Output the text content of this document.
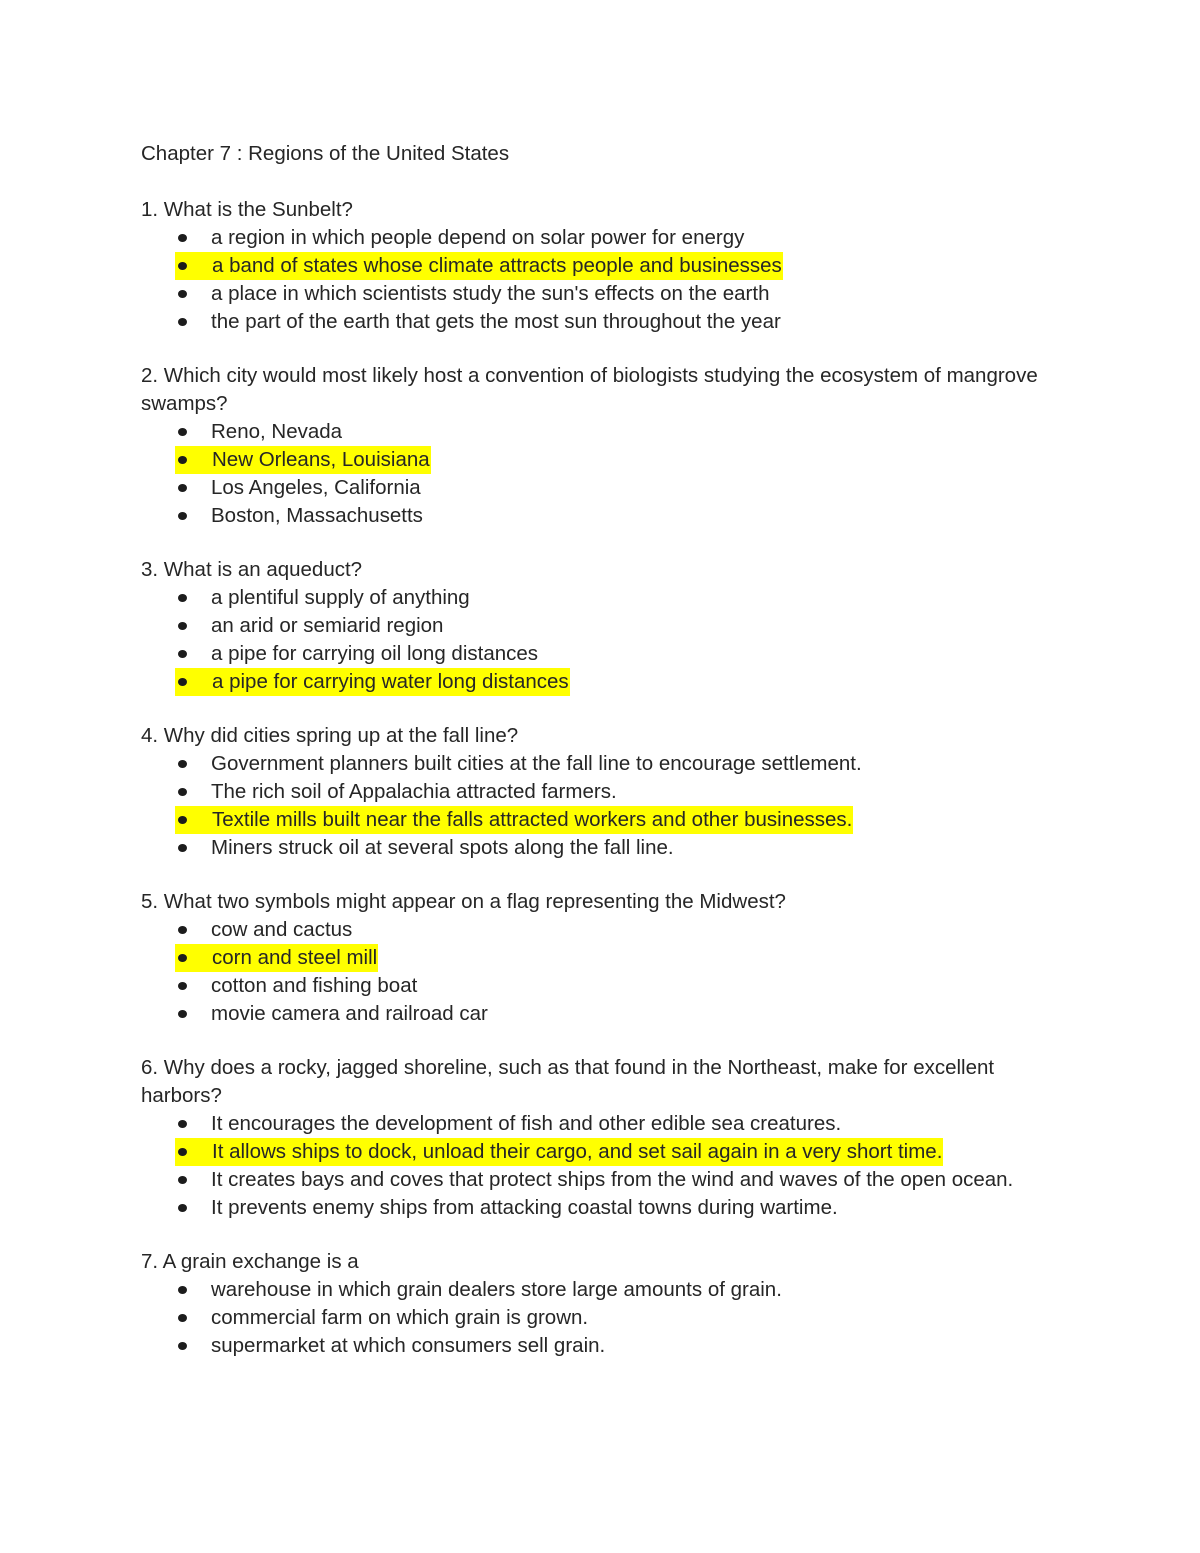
Chapter 7 : Regions of the United States
1. What is the Sunbelt?
a region in which people depend on solar power for energy
a band of states whose climate attracts people and businesses
a place in which scientists study the sun's effects on the earth
the part of the earth that gets the most sun throughout the year
2. Which city would most likely host a convention of biologists studying the ecosystem of mangrove swamps?
Reno, Nevada
New Orleans, Louisiana
Los Angeles, California
Boston, Massachusetts
3. What is an aqueduct?
a plentiful supply of anything
an arid or semiarid region
a pipe for carrying oil long distances
a pipe for carrying water long distances
4. Why did cities spring up at the fall line?
Government planners built cities at the fall line to encourage settlement.
The rich soil of Appalachia attracted farmers.
Textile mills built near the falls attracted workers and other businesses.
Miners struck oil at several spots along the fall line.
5. What two symbols might appear on a flag representing the Midwest?
cow and cactus
corn and steel mill
cotton and fishing boat
movie camera and railroad car
6. Why does a rocky, jagged shoreline, such as that found in the Northeast, make for excellent harbors?
It encourages the development of fish and other edible sea creatures.
It allows ships to dock, unload their cargo, and set sail again in a very short time.
It creates bays and coves that protect ships from the wind and waves of the open ocean.
It prevents enemy ships from attacking coastal towns during wartime.
7. A grain exchange is a
warehouse in which grain dealers store large amounts of grain.
commercial farm on which grain is grown.
supermarket at which consumers sell grain.
